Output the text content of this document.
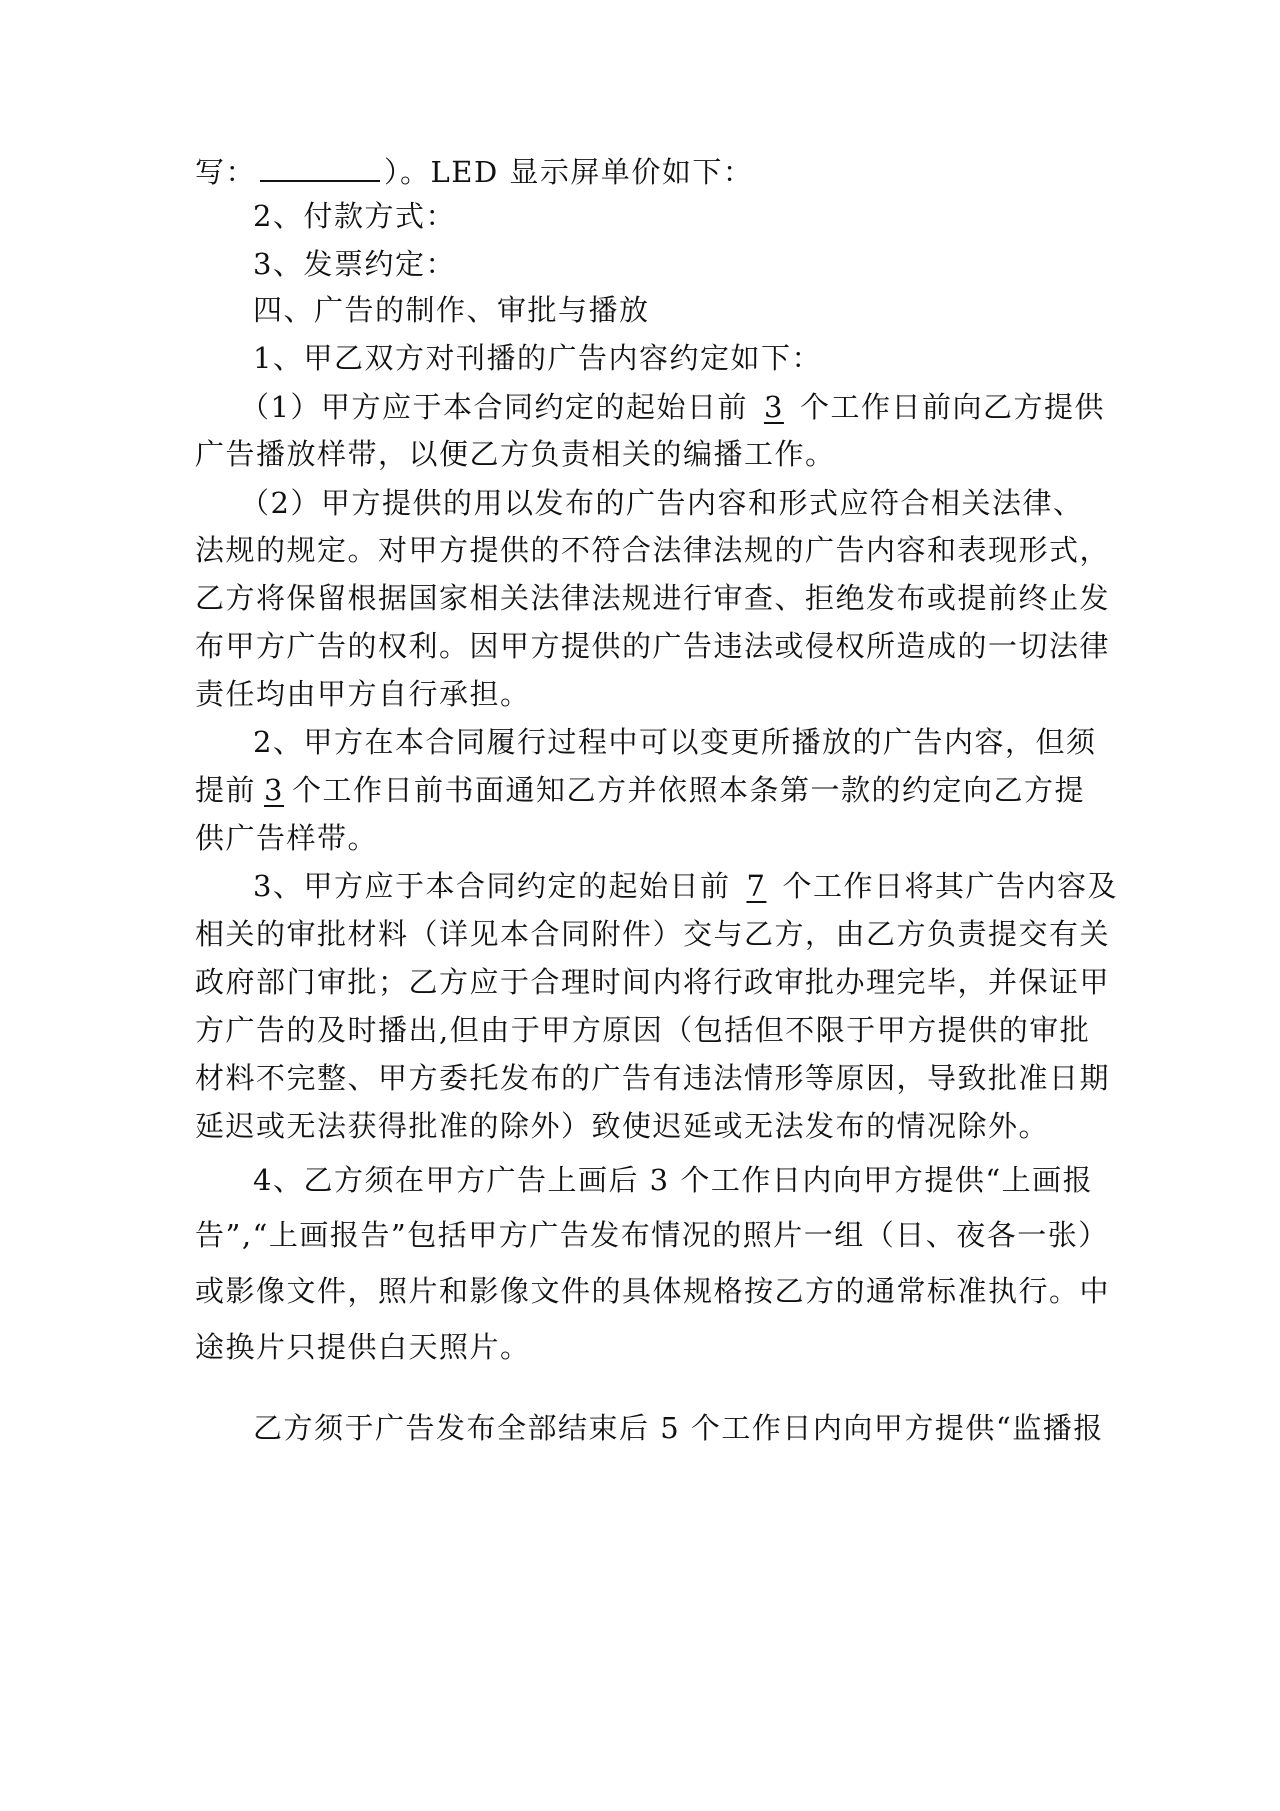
写：	）。LED 显示屏单价如下：
2、付款方式：
3、发票约定：
四、广告的制作、审批与播放
1、甲乙双方对刊播的广告内容约定如下：
（1）甲方应于本合同约定的起始日前 3 个工作日前向乙方提供
广告播放样带，以便乙方负责相关的编播工作。
（2）甲方提供的用以发布的广告内容和形式应符合相关法律、
法规的规定。对甲方提供的不符合法律法规的广告内容和表现形式，
乙方将保留根据国家相关法律法规进行审查、拒绝发布或提前终止发
布甲方广告的权利。因甲方提供的广告违法或侵权所造成的一切法律
责任均由甲方自行承担。
2、甲方在本合同履行过程中可以变更所播放的广告内容，但须
提前 3 个工作日前书面通知乙方并依照本条第一款的约定向乙方提
供广告样带。
3、甲方应于本合同约定的起始日前 7 个工作日将其广告内容及
相关的审批材料（详见本合同附件）交与乙方，由乙方负责提交有关
政府部门审批；乙方应于合理时间内将行政审批办理完毕，并保证甲
方广告的及时播出,但由于甲方原因（包括但不限于甲方提供的审批
材料不完整、甲方委托发布的广告有违法情形等原因，导致批准日期
延迟或无法获得批准的除外）致使迟延或无法发布的情况除外。
4、乙方须在甲方广告上画后 3 个工作日内向甲方提供“上画报
告”,“上画报告”包括甲方广告发布情况的照片一组（日、夜各一张）
或影像文件，照片和影像文件的具体规格按乙方的通常标准执行。中
途换片只提供白天照片。
乙方须于广告发布全部结束后 5 个工作日内向甲方提供“监播报
